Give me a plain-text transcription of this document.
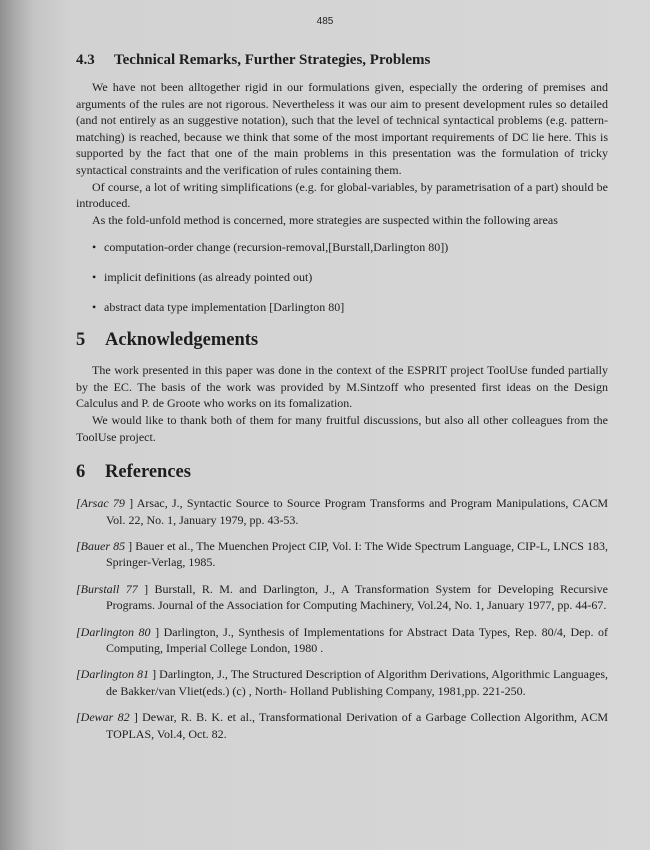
485
4.3 Technical Remarks, Further Strategies, Problems

We have not been alltogether rigid in our formulations given, especially the ordering of premises and arguments of the rules are not rigorous. Nevertheless it was our aim to present development rules so detailed (and not entirely as an suggestive notation), such that the level of technical syntactical problems (e.g. pattern-matching) is reached, because we think that some of the most important requirements of DC lie here. This is supported by the fact that one of the main problems in this presentation was the formulation of tricky syntactical constraints and the verification of rules containing them.

Of course, a lot of writing simplifications (e.g. for global-variables, by parametrisation of a part) should be introduced.

As the fold-unfold method is concerned, more strategies are suspected within the following areas

• computation-order change (recursion-removal,[Burstall,Darlington 80])
• implicit definitions (as already pointed out)
• abstract data type implementation [Darlington 80]
5 Acknowledgements

The work presented in this paper was done in the context of the ESPRIT project ToolUse funded partially by the EC. The basis of the work was provided by M.Sintzoff who presented first ideas on the Design Calculus and P. de Groote who works on its fomalization.

We would like to thank both of them for many fruitful discussions, but also all other colleagues from the ToolUse project.

6 References
[Arsac 79 ] Arsac, J., Syntactic Source to Source Program Transforms and Program Manipulations, CACM Vol. 22, No. 1, January 1979, pp. 43-53.
[Bauer 85 ] Bauer et al., The Muenchen Project CIP, Vol. I: The Wide Spectrum Language, CIP-L, LNCS 183, Springer-Verlag, 1985.
[Burstall 77 ] Burstall, R. M. and Darlington, J., A Transformation System for Developing Recursive Programs. Journal of the Association for Computing Machinery, Vol.24, No. 1, January 1977, pp. 44-67.
[Darlington 80 ] Darlington, J., Synthesis of Implementations for Abstract Data Types, Rep. 80/4, Dep. of Computing, Imperial College London, 1980 .
[Darlington 81 ] Darlington, J., The Structured Description of Algorithm Derivations, Algorithmic Languages, de Bakker/van Vliet(eds.) (c) , North- Holland Publishing Company, 1981,pp. 221-250.
[Dewar 82 ] Dewar, R. B. K. et al., Transformational Derivation of a Garbage Collection Algorithm, ACM TOPLAS, Vol.4, Oct. 82.
